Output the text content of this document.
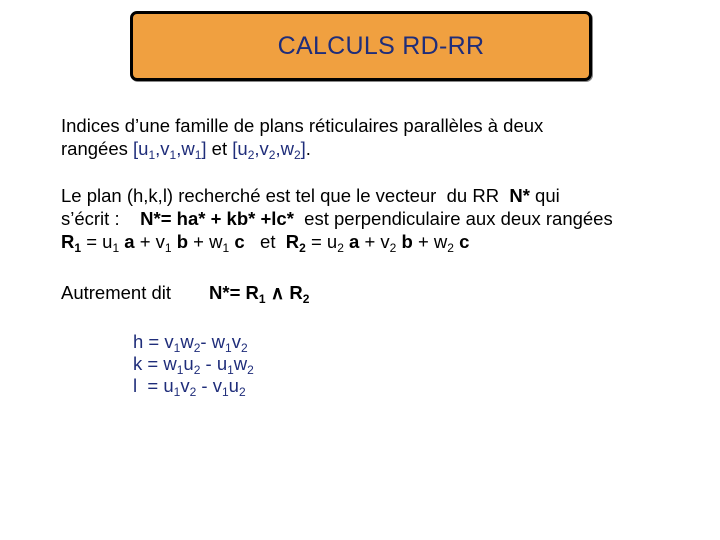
CALCULS RD-RR
Indices d’une famille de plans réticulaires parallèles à deux
rangées $[u_1,v_1,w_1]$ et $[u_2,v_2,w_2]$.
Le plan (h,k,l) recherché est tel que le vecteur  du RR  N* qui
s’écrit :    N*= ha* + kb* +lc*  est perpendiculaire aux deux rangées
$R_1 = u_1$ $a + v_1$ $b + w_1$ c   et  $R_2 = u_2$ $a + v_2$ $b + w_2$ c
Autrement dit $N*= R_1$ ∧ $R_2$
$h = v_1w_2-$ $w_1v_2$
$k = w_1u_2 - u_1w_2$
$l = u_1v_2 - v_1u_2$
